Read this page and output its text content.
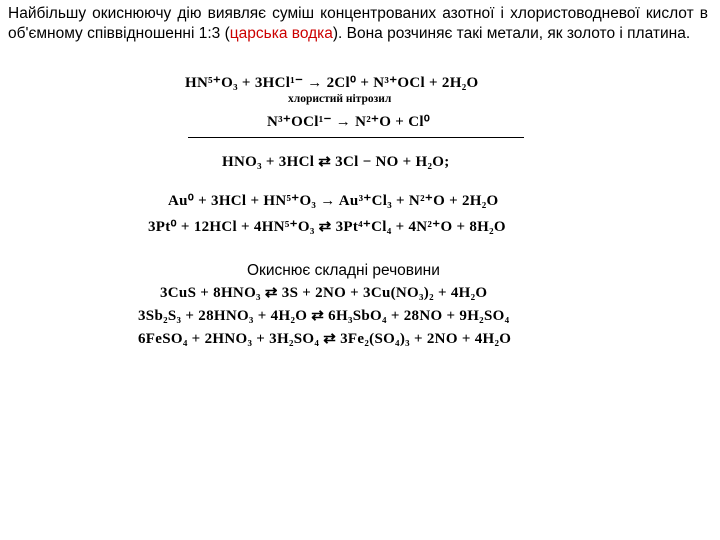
Найбільшу окиснюючу дію виявляє суміш концентрованих азотної і хлористоводневої кислот в об'ємному співвідношенні 1:3 (царська водка). Вона розчиняє такі метали, як золото і платина.
HN⁵⁺O₃ + 3HCl¹⁻ → 2Cl⁰ + N³⁺OCl + 2H₂O
хлористий нітрозил
N³⁺OCl¹⁻ → N²⁺O + Cl⁰
HNO₃ + 3HCl ⇄ 3Cl − NO + H₂O;
Au⁰ + 3HCl + HN⁵⁺O₃ → Au³⁺Cl₃ + N²⁺O + 2H₂O
3Pt⁰ + 12HCl + 4HN⁵⁺O₃ ⇄ 3Pt⁴⁺Cl₄ + 4N²⁺O + 8H₂O
Окиснює складні речовини
3CuS + 8HNO₃ ⇄ 3S + 2NO + 3Cu(NO₃)₂ + 4H₂O
3Sb₂S₃ + 28HNO₃ + 4H₂O ⇄ 6H₃SbO₄ + 28NO + 9H₂SO₄
6FeSO₄ + 2HNO₃ + 3H₂SO₄ ⇄ 3Fe₂(SO₄)₃ + 2NO + 4H₂O
